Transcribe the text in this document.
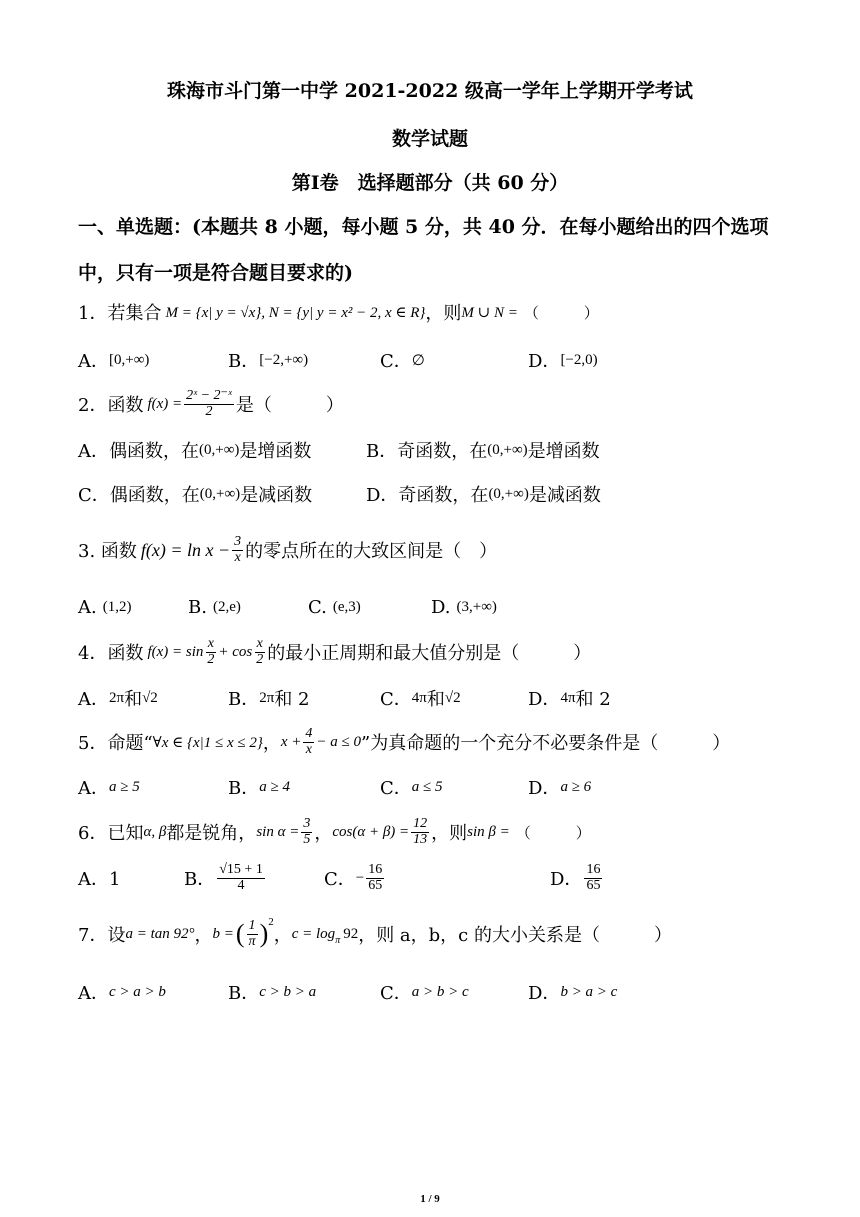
珠海市斗门第一中学 2021-2022 级高一学年上学期开学考试
数学试题
第Ⅰ卷　选择题部分（共 60 分）
一、单选题：(本题共 8 小题，每小题 5 分，共 40 分．在每小题给出的四个选项
中，只有一项是符合题目要求的)
1．若集合 M = {x| y = √x}, N = {y| y = x² − 2, x ∈ R} ，则 M ∪ N = （　　　）
A． [0,+∞)	B． [−2,+∞)	C． ∅	D． [−2,0)
2．函数 $f(x) = \frac{\text{2ˣ − 2⁻ˣ}}{2}$ 是（　　　）
A．偶函数，在 (0,+∞) 是增函数	B．奇函数，在 (0,+∞) 是增函数
C．偶函数，在 (0,+∞) 是减函数	D．奇函数，在 (0,+∞) 是减函数
3. 函数 $f(x) = \ln x - \frac{3}{x}$ 的零点所在的大致区间是（　）
A. (1,2)	B. (2,e)	C. (e,3)	D. (3,+∞)
4．函数 $f(x) = \sin \frac{x}{2} + \cos \frac{x}{2}$ 的最小正周期和最大值分别是（　　　）
A． 2π 和 √2	B． 2π 和 2	C． 4π 和 √2	D． 4π 和 2
5．命题“ ∀x ∈ {x|1 ≤ x ≤ 2} ， $x + \frac{4}{x} - a \le 0$ ”为真命题的一个充分不必要条件是（　　　）
A． a ≥ 5	B． a ≥ 4	C． a ≤ 5	D． a ≥ 6
6．已知 α, β 都是锐角， $\sin \alpha = \frac{3}{5}$ ， $\cos(\alpha + \beta) = \frac{12}{13}$ ，则 sin β = （　　　）
A．1	B． $\frac{√15 + 1}{4}$	C． − $\frac{16}{65}$	D． $\frac{16}{65}$
7．设 a = tan 92° ， b = ( $\frac{1}{\pi} )^2$
， $c = \log_\pi 92$ ，则 a，b，c 的大小关系是（　　　）
A． c > a > b	B． c > b > a	C． a > b > c	D． b > a > c
1 / 9
